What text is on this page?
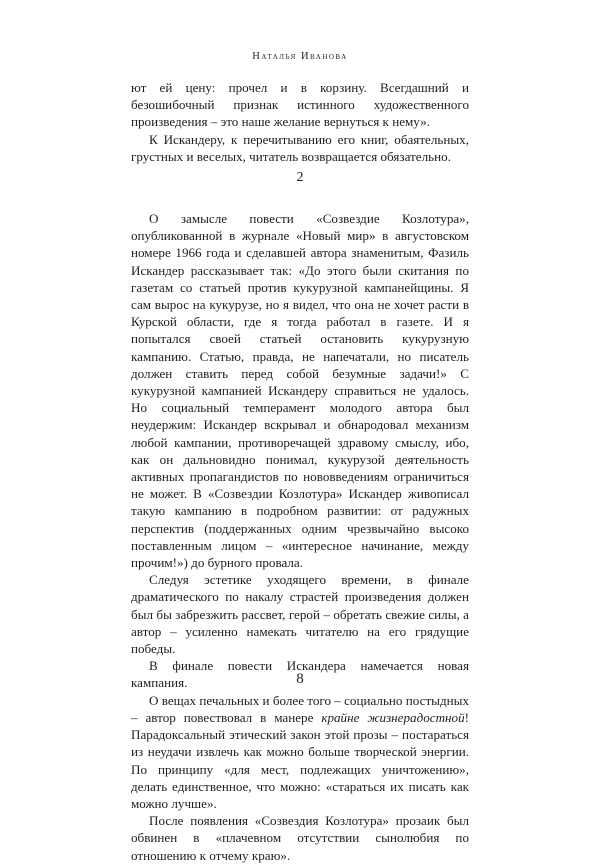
Наталья Иванова

ют ей цену: прочел и в корзину. Всегдашний и безошибочный признак истинного художественного произведения – это наше желание вернуться к нему».

К Искандеру, к перечитыванию его книг, обаятельных, грустных и веселых, читатель возвращается обязательно.

2

О замысле повести «Созвездие Козлотура», опубликованной в журнале «Новый мир» в августовском номере 1966 года и сделавшей автора знаменитым, Фазиль Искандер рассказывает так: «До этого были скитания по газетам со статьей против кукурузной кампанейщины. Я сам вырос на кукурузе, но я видел, что она не хочет расти в Курской области, где я тогда работал в газете. И я попытался своей статьей остановить кукурузную кампанию. Статью, правда, не напечатали, но писатель должен ставить перед собой безумные задачи!» С кукурузной кампанией Искандеру справиться не удалось. Но социальный темперамент молодого автора был неудержим: Искандер вскрывал и обнародовал механизм любой кампании, противоречащей здравому смыслу, ибо, как он дальновидно понимал, кукурузой деятельность активных пропагандистов по нововведениям ограничиться не может. В «Созвездии Козлотура» Искандер живописал такую кампанию в подробном развитии: от радужных перспектив (поддержанных одним чрезвычайно высоко поставленным лицом – «интересное начинание, между прочим!») до бурного провала.

Следуя эстетике уходящего времени, в финале драматического по накалу страстей произведения должен был бы забрезжить рассвет, герой – обретать свежие силы, а автор – усиленно намекать читателю на его грядущие победы.

В финале повести Искандера намечается новая кампания.

О вещах печальных и более того – социально постыдных – автор повествовал в манере крайне жизнерадостной! Парадоксальный этический закон этой прозы – постараться из неудачи извлечь как можно больше творческой энергии. По принципу «для мест, подлежащих уничтожению», делать единственное, что можно: «стараться их писать как можно лучше».

После появления «Созвездия Козлотура» прозаик был обвинен в «плачевном отсутствии сынолюбия по отношению к отчему краю».

8
